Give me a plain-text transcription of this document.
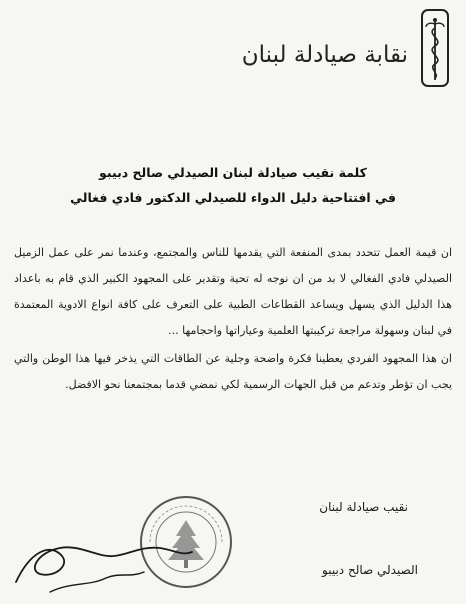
نقابة صيادلة لبنان
كلمة نقيب صيادلة لبنان الصيدلي صالح دبيبو
في افتتاحية دليل الدواء للصيدلي الدكتور فادي فغالي

ان قيمة العمل تتحدد بمدى المنفعة التي يقدمها للناس والمجتمع، وعندما نمر على عمل الزميل الصيدلي فادي الفغالي لا بد من ان نوجه له تحية وتقدير على المجهود الكبير الذي قام به باعداد هذا الدليل الذي يسهل ويساعد القطاعات الطبية على التعرف على كافة انواع الادوية المعتمدة في لبنان وسهولة مراجعة تركيبتها العلمية وعياراتها واحجامها ...

ان هذا المجهود الفردي يعطينا فكرة واضحة وجلية عن الطاقات التي يذخر فيها هذا الوطن والتي يجب ان تؤطر وتدعم من قبل الجهات الرسمية لكي نمضي قدما بمجتمعنا نحو الافضل.

نقيب صيادلة لبنان
الصيدلي صالح دبيبو
